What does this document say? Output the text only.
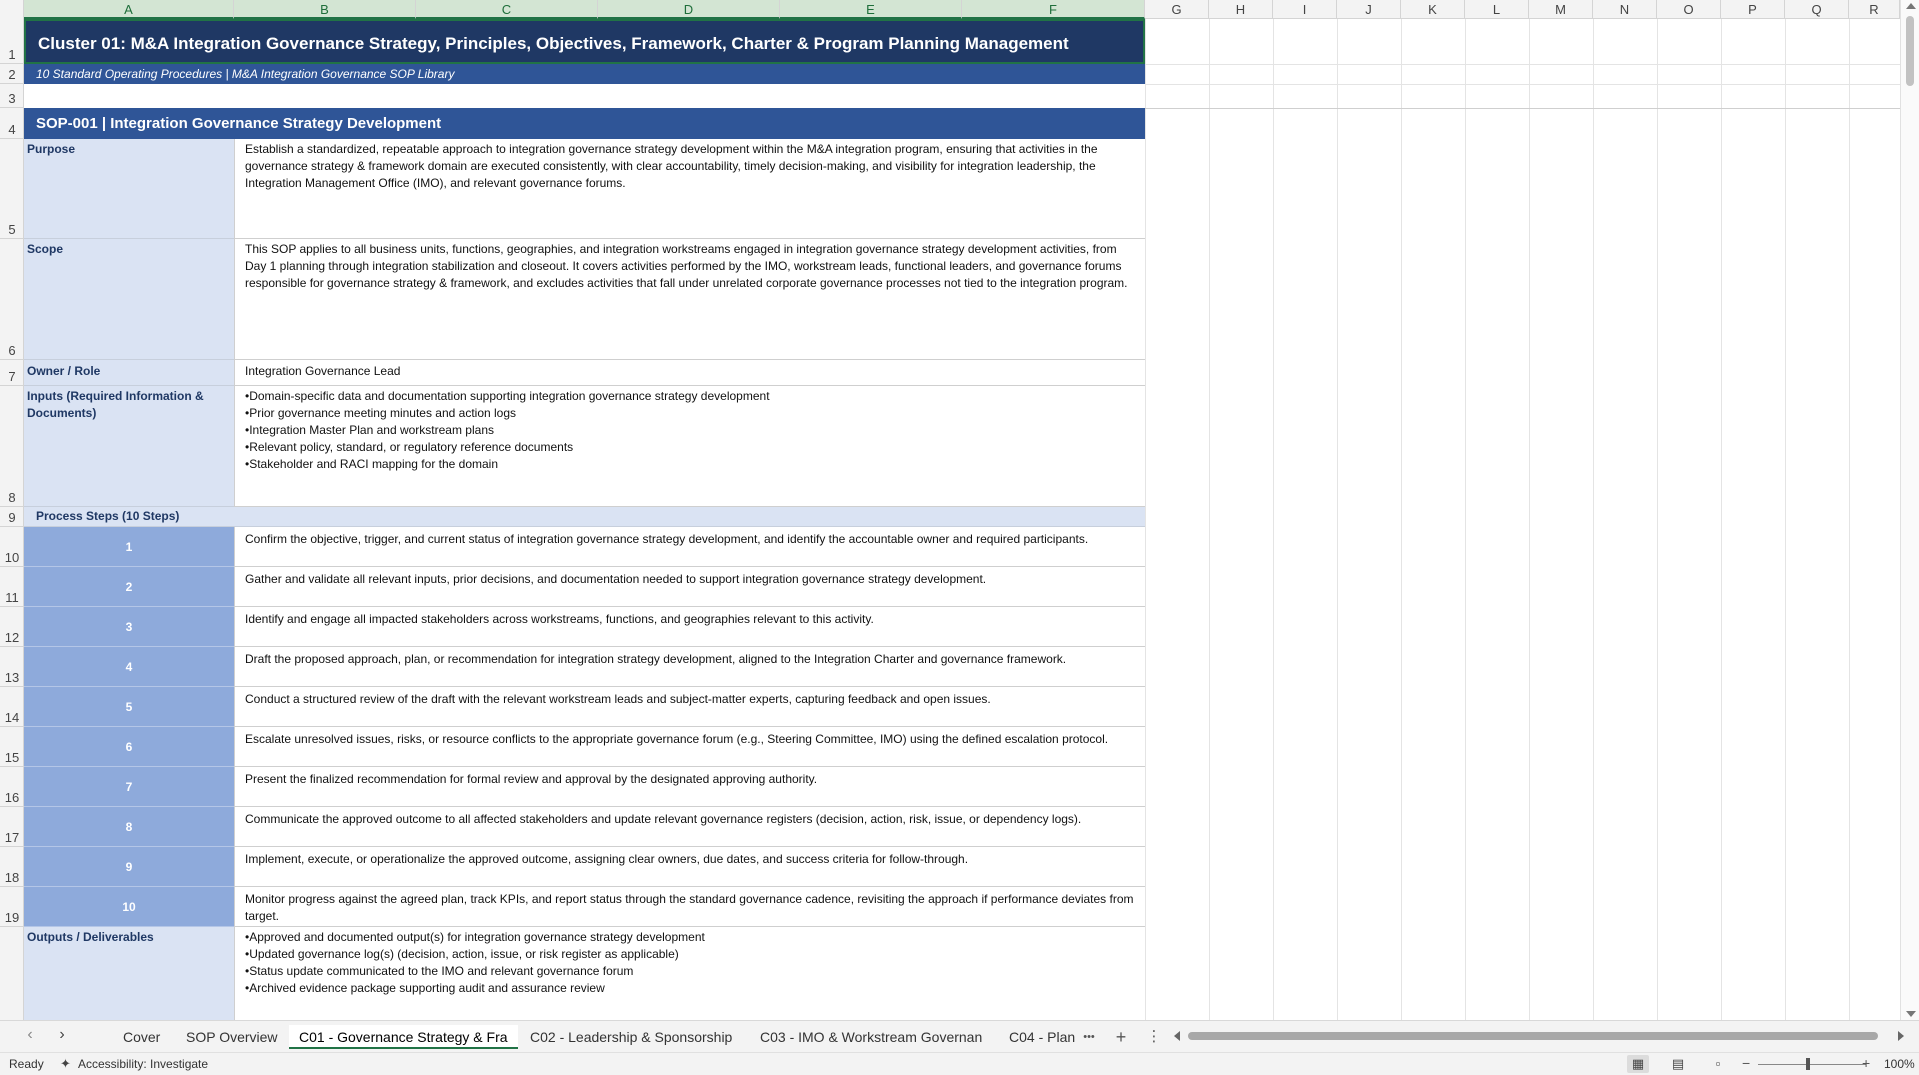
A	B	C	D	E	F	G	H	I	J	K	L	M	N	O	P	Q	R
1
2
3
4
5
6
7
8
9
10
11
12
13
14
15
16
17
18
19
Cluster 01: M&A Integration Governance Strategy, Principles, Objectives, Framework, Charter & Program Planning Management
10 Standard Operating Procedures | M&A Integration Governance SOP Library
SOP-001 | Integration Governance Strategy Development
Purpose	Establish a standardized, repeatable approach to integration governance strategy development within the M&A integration program, ensuring that activities in the governance strategy & framework domain are executed consistently, with clear accountability, timely decision-making, and visibility for integration leadership, the Integration Management Office (IMO), and relevant governance forums.
Scope	This SOP applies to all business units, functions, geographies, and integration workstreams engaged in integration governance strategy development activities, from Day 1 planning through integration stabilization and closeout. It covers activities performed by the IMO, workstream leads, functional leaders, and governance forums responsible for governance strategy & framework, and excludes activities that fall under unrelated corporate governance processes not tied to the integration program.
Owner / Role	Integration Governance Lead
Inputs (Required Information & Documents)
• Domain-specific data and documentation supporting integration governance strategy development
• Prior governance meeting minutes and action logs
• Integration Master Plan and workstream plans
• Relevant policy, standard, or regulatory reference documents
• Stakeholder and RACI mapping for the domain
Process Steps (10 Steps)
1
Confirm the objective, trigger, and current status of integration governance strategy development, and identify the accountable owner and required participants.
2
Gather and validate all relevant inputs, prior decisions, and documentation needed to support integration governance strategy development.
3
Identify and engage all impacted stakeholders across workstreams, functions, and geographies relevant to this activity.
4
Draft the proposed approach, plan, or recommendation for integration strategy development, aligned to the Integration Charter and governance framework.
5
Conduct a structured review of the draft with the relevant workstream leads and subject-matter experts, capturing feedback and open issues.
6
Escalate unresolved issues, risks, or resource conflicts to the appropriate governance forum (e.g., Steering Committee, IMO) using the defined escalation protocol.
7
Present the finalized recommendation for formal review and approval by the designated approving authority.
8
Communicate the approved outcome to all affected stakeholders and update relevant governance registers (decision, action, risk, issue, or dependency logs).
9
Implement, execute, or operationalize the approved outcome, assigning clear owners, due dates, and success criteria for follow-through.
10
Monitor progress against the agreed plan, track KPIs, and report status through the standard governance cadence, revisiting the approach if performance deviates from target.
Outputs / Deliverables
•	Approved and documented output(s) for integration governance strategy development
• Updated governance log(s) (decision, action, issue, or risk register as applicable)
• Status update communicated to the IMO and relevant governance forum
• Archived evidence package supporting audit and assurance review
‹	›	Cover	SOP Overview	C01 - Governance Strategy & Fra	C02 - Leadership & Sponsorship	C03 - IMO & Workstream Governan	C04 - Plan •••	+	⋮
Ready ✦ Accessibility: Investigate	▦	▤	▫	−	+ 100%
